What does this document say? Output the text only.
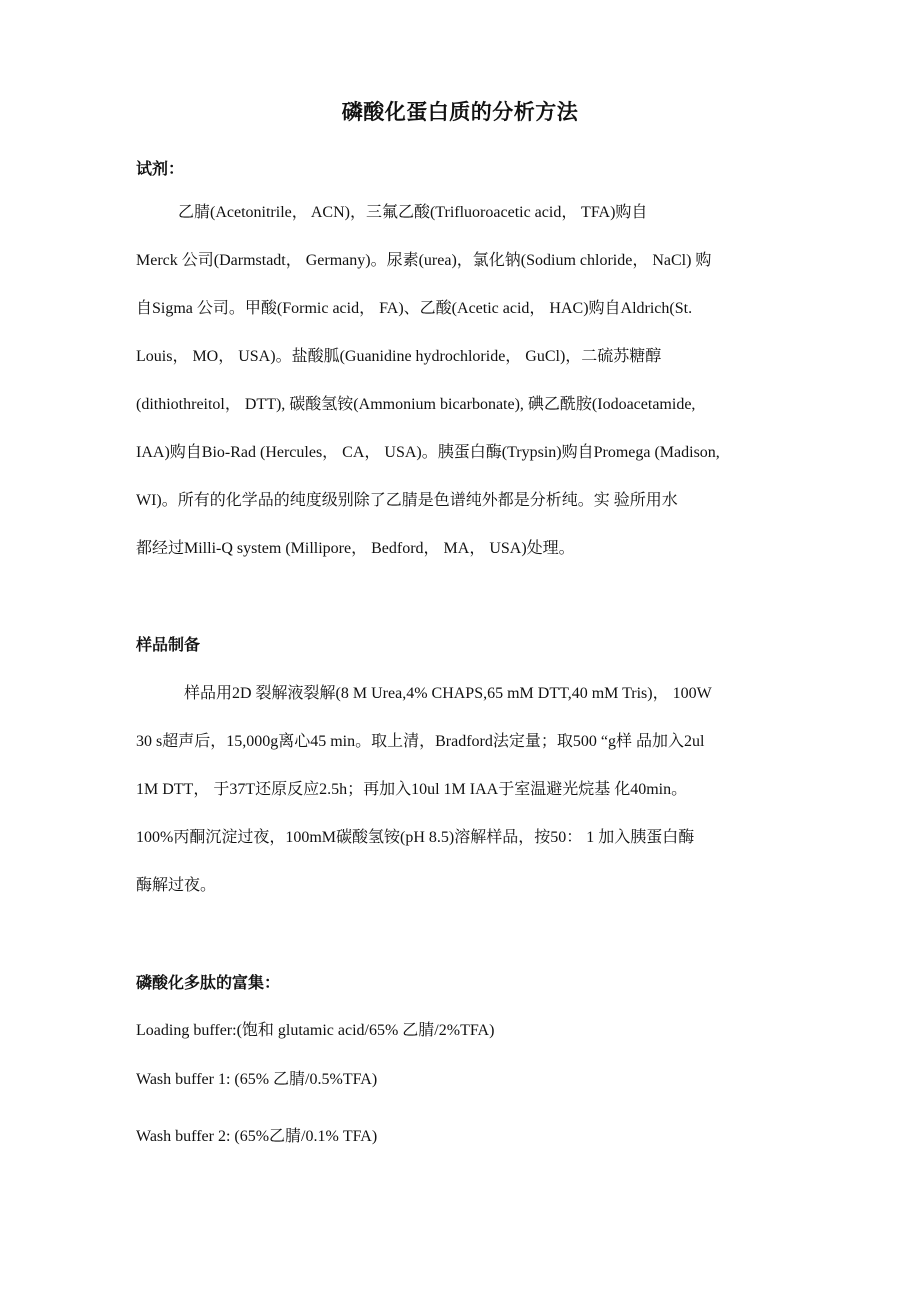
磷酸化蛋白质的分析方法
试剂：
乙腈(Acetonitrile， ACN)，三氟乙酸(Trifluoroacetic acid， TFA)购自
Merck 公司(Darmstadt， Germany)。尿素(urea)，氯化钠(Sodium chloride， NaCl) 购
自Sigma 公司。甲酸(Formic acid， FA)、乙酸(Acetic acid， HAC)购自Aldrich(St.
Louis， MO， USA)。盐酸胍(Guanidine hydrochloride， GuCl)，二硫苏糖醇
(dithiothreitol， DTT), 碳酸氢铵(Ammonium bicarbonate), 碘乙酰胺(Iodoacetamide,
IAA)购自Bio-Rad (Hercules， CA， USA)。胰蛋白酶(Trypsin)购自Promega (Madison,
WI)。所有的化学品的纯度级别除了乙腈是色谱纯外都是分析纯。实 验所用水
都经过Milli-Q system (Millipore， Bedford， MA， USA)处理。
样品制备
样品用2D 裂解液裂解(8 M Urea,4% CHAPS,65 mM DTT,40 mM Tris)， 100W
30 s超声后，15,000g离心45 min。取上清，Bradford法定量；取500 “g样 品加入2ul
1M DTT， 于37T还原反应2.5h；再加入10ul 1M IAA于室温避光烷基 化40min。
100%丙酮沉淀过夜，100mM碳酸氢铵(pH 8.5)溶解样品，按50： 1 加入胰蛋白酶
酶解过夜。
磷酸化多肽的富集：
Loading buffer:(饱和 glutamic acid/65% 乙腈/2%TFA)
Wash buffer 1: (65% 乙腈/0.5%TFA)
Wash buffer 2: (65%乙腈/0.1% TFA)
